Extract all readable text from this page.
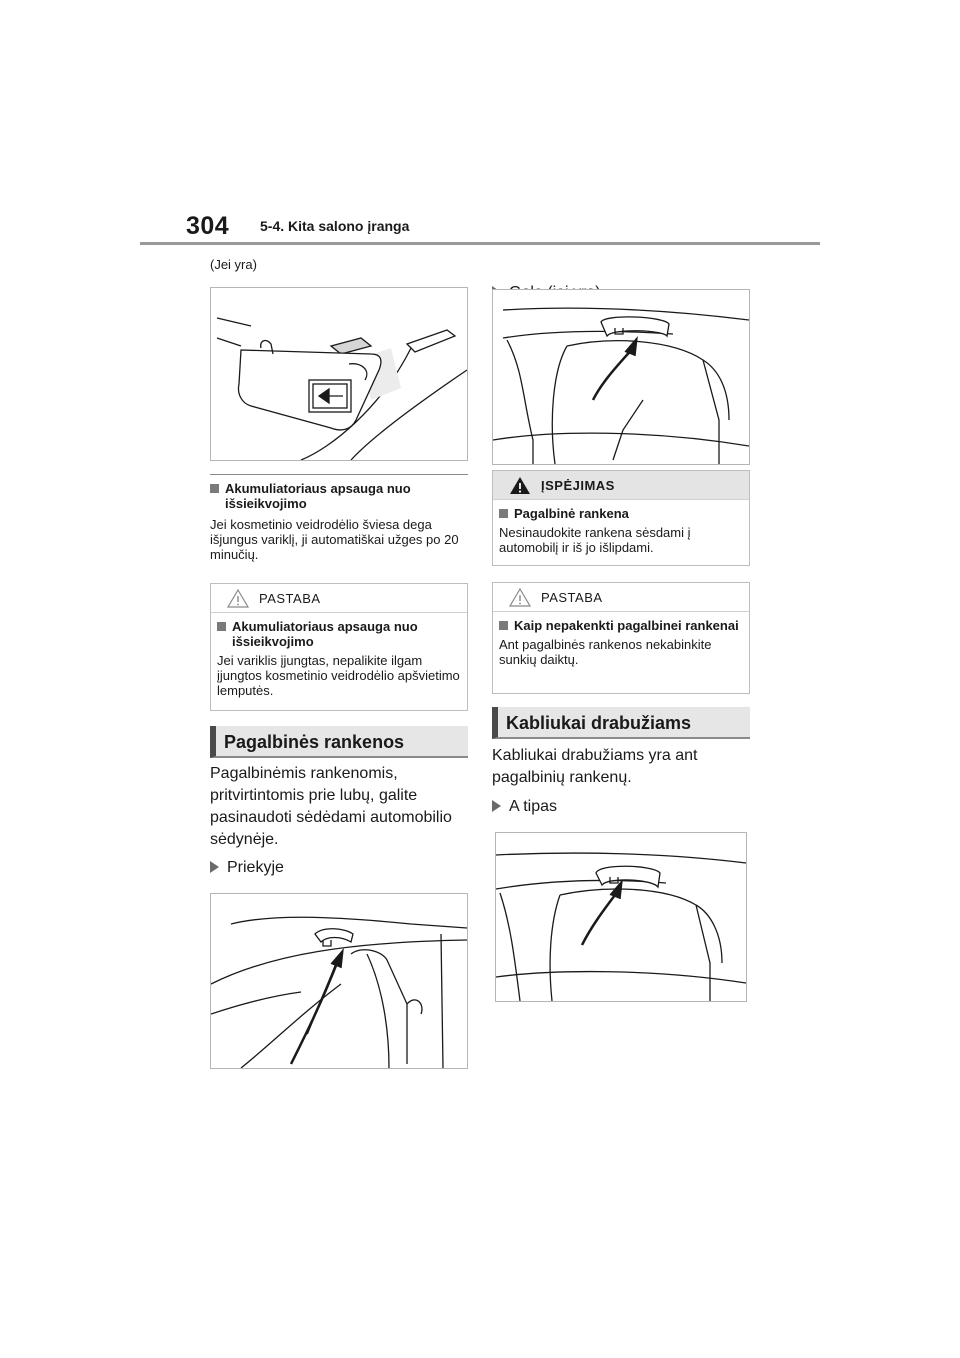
304 5-4. Kita salono įranga
(Jei yra)
Akumuliatoriaus apsauga nuo išsieikvojimo
Jei kosmetinio veidrodėlio šviesa dega išjungus variklį, ji automatiškai užges po 20 minučių.
PASTABA
Akumuliatoriaus apsauga nuo išsieikvojimo
Jei variklis įjungtas, nepalikite ilgam įjungtos kosmetinio veidrodėlio apšvietimo lemputės.
Pagalbinės rankenos
Pagalbinėmis rankenomis, pritvirtintomis prie lubų, galite pasinaudoti sėdėdami automobilio sėdynėje.
Priekyje
ĮSPĖJIMAS
Pagalbinė rankena
Nesinaudokite rankena sėsdami į automobilį ir iš jo išlipdami.
PASTABA
Kaip nepakenkti pagalbinei rankenai
Ant pagalbinės rankenos nekabinkite sunkių daiktų.
Kabliukai drabužiams
Kabliukai drabužiams yra ant pagalbinių rankenų.
A tipas
